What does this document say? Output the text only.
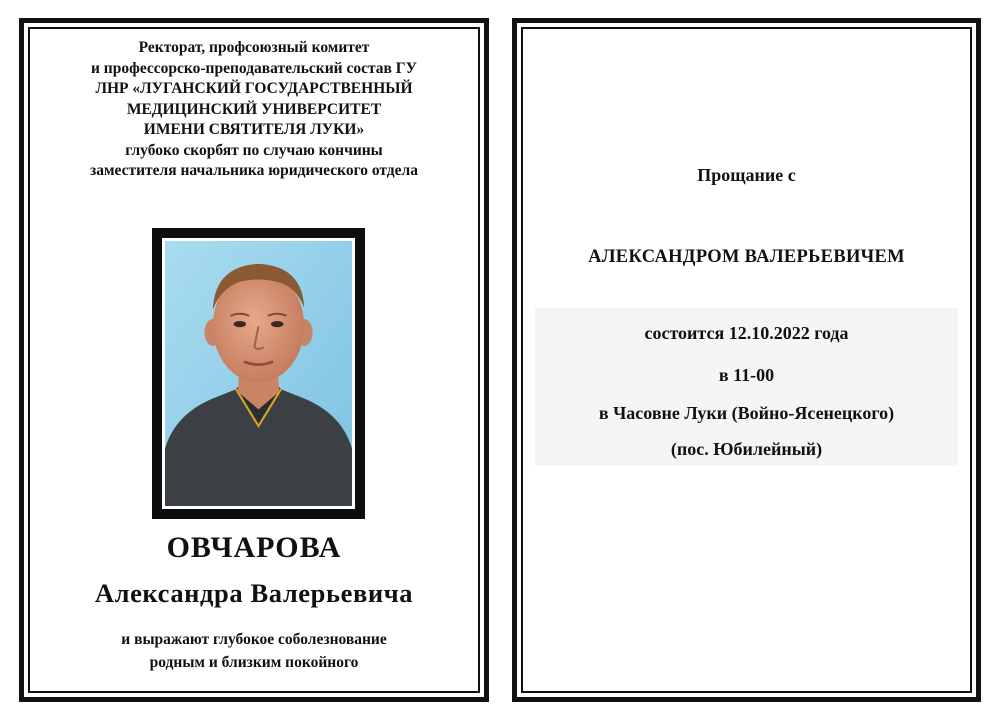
Ректорат, профсоюзный комитет
и профессорско-преподавательский состав ГУ
ЛНР «ЛУГАНСКИЙ ГОСУДАРСТВЕННЫЙ
МЕДИЦИНСКИЙ УНИВЕРСИТЕТ
ИМЕНИ СВЯТИТЕЛЯ ЛУКИ»
глубоко скорбят по случаю кончины
заместителя начальника юридического отдела
ОВЧАРОВА
Александра Валерьевича
и выражают глубокое соболезнование
родным и близким покойного
Прощание с
АЛЕКСАНДРОМ ВАЛЕРЬЕВИЧЕМ
состоится 12.10.2022 года
в 11-00
в Часовне Луки (Войно-Ясенецкого)
(пос. Юбилейный)
